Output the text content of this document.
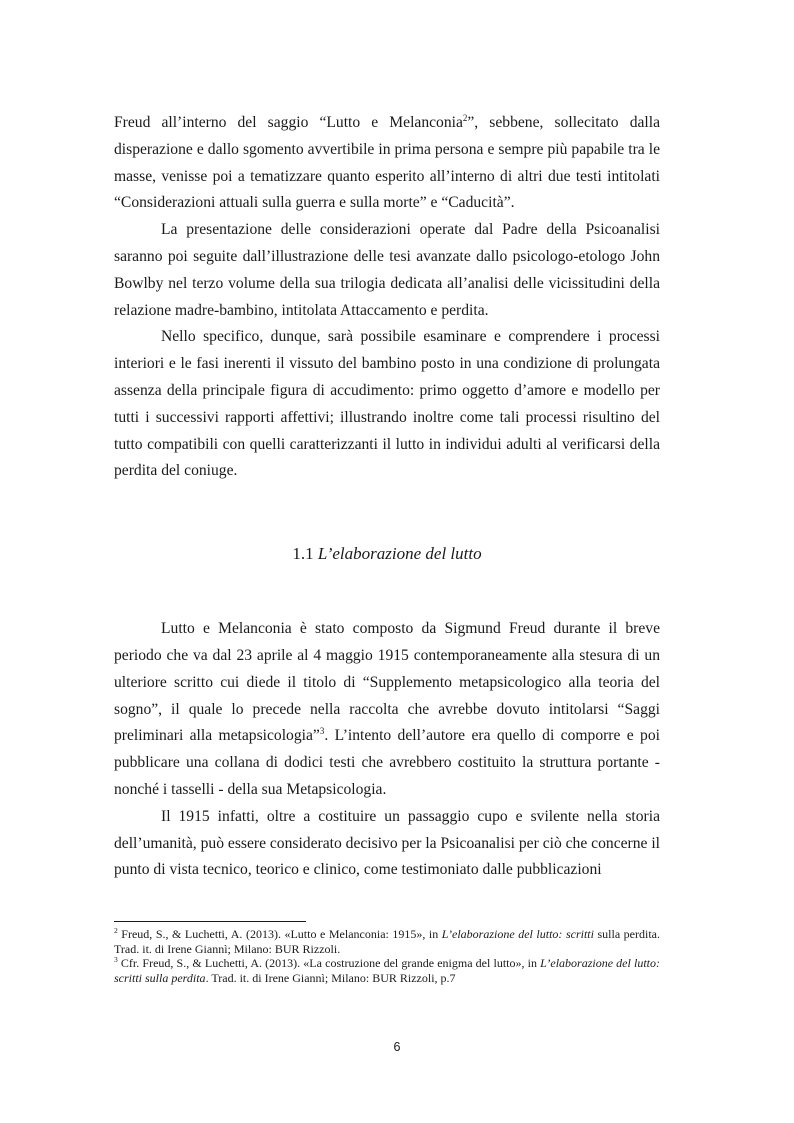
Freud all’interno del saggio “Lutto e Melanconia$^2$”, sebbene, sollecitato dalla disperazione e dallo sgomento avvertibile in prima persona e sempre più papabile tra le masse, venisse poi a tematizzare quanto esperito all’interno di altri due testi intitolati “Considerazioni attuali sulla guerra e sulla morte” e “Caducità”.

La presentazione delle considerazioni operate dal Padre della Psicoanalisi saranno poi seguite dall’illustrazione delle tesi avanzate dallo psicologo-etologo John Bowlby nel terzo volume della sua trilogia dedicata all’analisi delle vicissitudini della relazione madre-bambino, intitolata Attaccamento e perdita.

Nello specifico, dunque, sarà possibile esaminare e comprendere i processi interiori e le fasi inerenti il vissuto del bambino posto in una condizione di prolungata assenza della principale figura di accudimento: primo oggetto d’amore e modello per tutti i successivi rapporti affettivi; illustrando inoltre come tali processi risultino del tutto compatibili con quelli caratterizzanti il lutto in individui adulti al verificarsi della perdita del coniuge.

1.1 L’elaborazione del lutto

Lutto e Melanconia è stato composto da Sigmund Freud durante il breve periodo che va dal 23 aprile al 4 maggio 1915 contemporaneamente alla stesura di un ulteriore scritto cui diede il titolo di “Supplemento metapsicologico alla teoria del sogno”, il quale lo precede nella raccolta che avrebbe dovuto intitolarsi “Saggi preliminari alla metapsicologia”$^3$. L’intento dell’autore era quello di comporre e poi pubblicare una collana di dodici testi che avrebbero costituito la struttura portante - nonché i tasselli - della sua Metapsicologia.

Il 1915 infatti, oltre a costituire un passaggio cupo e svilente nella storia dell’umanità, può essere considerato decisivo per la Psicoanalisi per ciò che concerne il punto di vista tecnico, teorico e clinico, come testimoniato dalle pubblicazioni

$^2$ Freud, S., & Luchetti, A. (2013). «Lutto e Melanconia: 1915», in L’elaborazione del lutto: scritti sulla perdita. Trad. it. di Irene Giannì; Milano: BUR Rizzoli.

$^3$ Cfr. Freud, S., & Luchetti, A. (2013). «La costruzione del grande enigma del lutto», in L’elaborazione del lutto: scritti sulla perdita. Trad. it. di Irene Giannì; Milano: BUR Rizzoli, p.7

6
